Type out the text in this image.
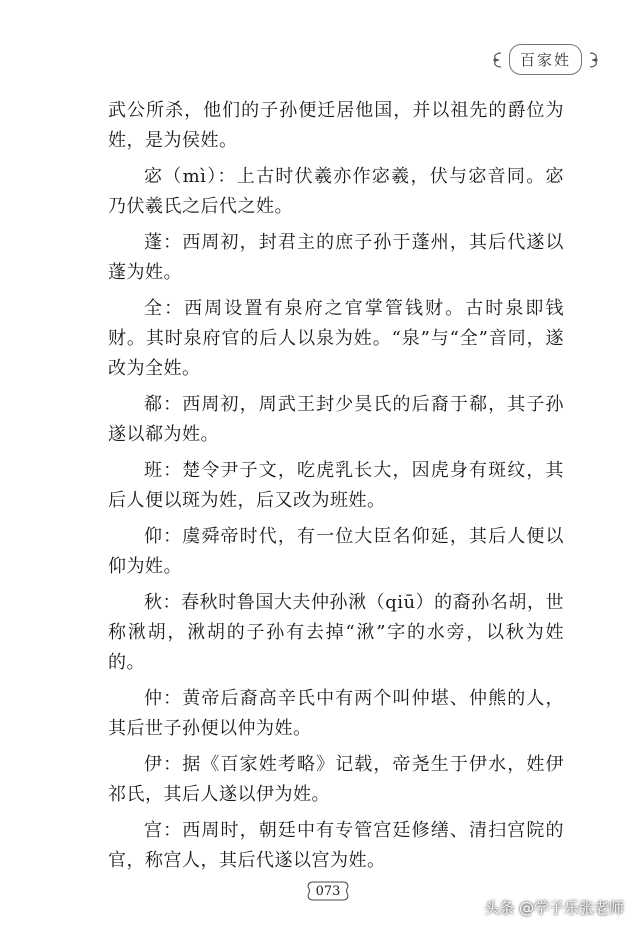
百家姓

武公所杀，他们的子孙便迁居他国，并以祖先的爵位为姓，是为侯姓。

宓（mì）：上古时伏羲亦作宓羲，伏与宓音同。宓乃伏羲氏之后代之姓。

蓬：西周初，封君主的庶子孙于蓬州，其后代遂以蓬为姓。

全：西周设置有泉府之官掌管钱财。古时泉即钱财。其时泉府官的后人以泉为姓。“泉”与“全”音同，遂改为全姓。

郗：西周初，周武王封少昊氏的后裔于郗，其子孙遂以郗为姓。

班：楚令尹子文，吃虎乳长大，因虎身有斑纹，其后人便以斑为姓，后又改为班姓。

仰：虞舜帝时代，有一位大臣名仰延，其后人便以仰为姓。

秋：春秋时鲁国大夫仲孙湫（qiū）的裔孙名胡，世称湫胡，湫胡的子孙有去掉“湫”字的水旁，以秋为姓的。

仲：黄帝后裔高辛氏中有两个叫仲堪、仲熊的人，其后世子孙便以仲为姓。

伊：据《百家姓考略》记载，帝尧生于伊水，姓伊祁氏，其后人遂以伊为姓。

宫：西周时，朝廷中有专管宫廷修缮、清扫宫院的官，称宫人，其后代遂以宫为姓。

073
头条 @学子乐张老师
